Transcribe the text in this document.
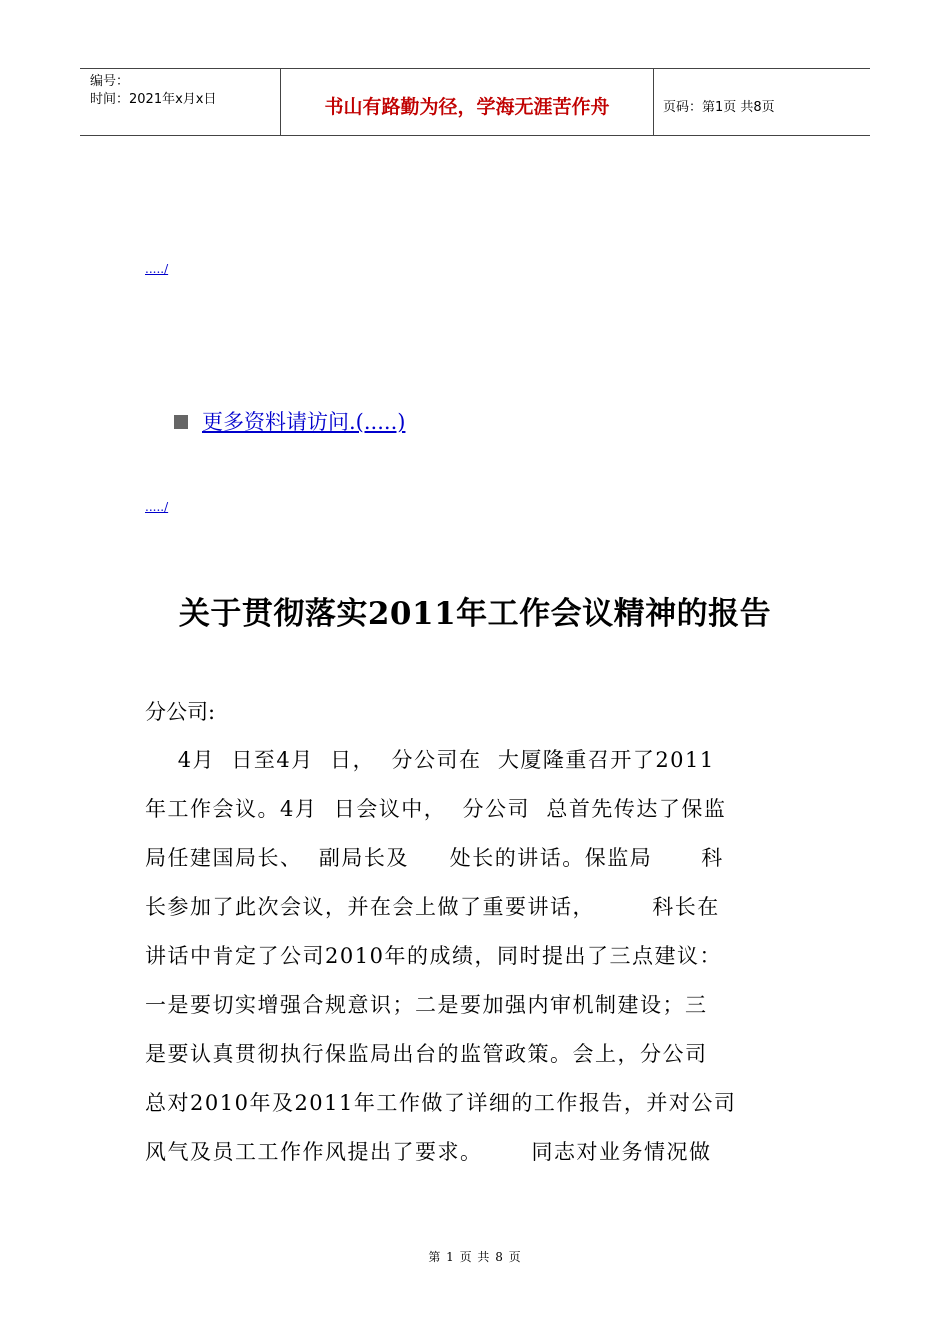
编号：
时间：2021年x月x日	书山有路勤为径，学海无涯苦作舟	页码：第1页 共8页
...../
更多资料请访问.(.....)
...../
关于贯彻落实2011年工作会议精神的报告
分公司:
4月  日至4月  日，  分公司在  大厦隆重召开了2011
年工作会议。4月  日会议中，  分公司  总首先传达了保监
局任建国局长、  副局长及     处长的讲话。保监局      科
长参加了此次会议，并在会上做了重要讲话，       科长在
讲话中肯定了公司2010年的成绩，同时提出了三点建议：
一是要切实增强合规意识；二是要加强内审机制建设；三
是要认真贯彻执行保监局出台的监管政策。会上，分公司
总对2010年及2011年工作做了详细的工作报告，并对公司
风气及员工工作作风提出了要求。      同志对业务情况做
第 1 页 共 8 页
